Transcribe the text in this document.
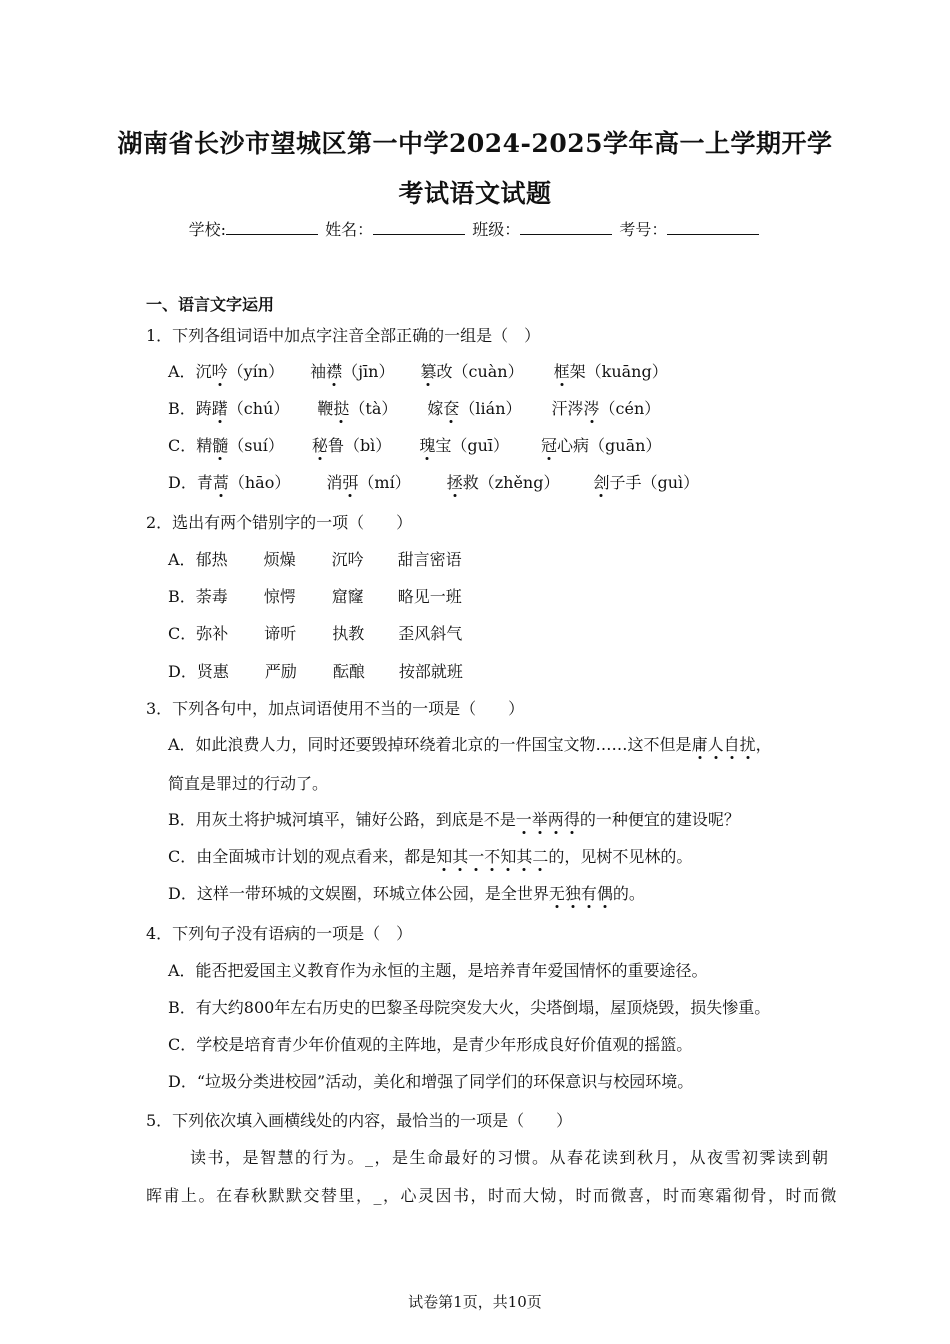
湖南省长沙市望城区第一中学2024-2025学年高一上学期开学
考试语文试题
学校:	姓名：	班级：	考号：
一、语言文字运用
1．下列各组词语中加点字注音全部正确的一组是（　）
A．沉吟（yín） 袖襟（jīn） 篡改（cuàn） 框架（kuāng）
B．踌躇（chú） 鞭挞（tà） 嫁奁（lián） 汗涔涔（cén）
C．精髓（suí） 秘鲁（bì） 瑰宝（guī） 冠心病（guān）
D．青蒿（hāo） 消弭（mí） 拯救（zhěng） 刽子手（guì）
2．选出有两个错别字的一项（　　）
A．郁热 烦燥 沉吟 甜言密语
B．荼毒 惊愕 窟窿 略见一班
C．弥补 谛听 执教 歪风斜气
D．贤惠 严励 酝酿 按部就班
3．下列各句中，加点词语使用不当的一项是（　　）
A．如此浪费人力，同时还要毁掉环绕着北京的一件国宝文物……这不但是庸人自扰，
简直是罪过的行动了。
B．用灰土将护城河填平，铺好公路，到底是不是一举两得的一种便宜的建设呢？
C．由全面城市计划的观点看来，都是知其一不知其二的，见树不见林的。
D．这样一带环城的文娱圈，环城立体公园，是全世界无独有偶的。
4．下列句子没有语病的一项是（　）
A．能否把爱国主义教育作为永恒的主题，是培养青年爱国情怀的重要途径。
B．有大约800年左右历史的巴黎圣母院突发大火，尖塔倒塌，屋顶烧毁，损失惨重。
C．学校是培育青少年价值观的主阵地，是青少年形成良好价值观的摇篮。
D．“垃圾分类进校园”活动，美化和增强了同学们的环保意识与校园环境。
5．下列依次填入画横线处的内容，最恰当的一项是（　　）
读书，是智慧的行为。_，是生命最好的习惯。从春花读到秋月，从夜雪初霁读到朝
晖甫上。在春秋默默交替里，_，心灵因书，时而大恸，时而微喜，时而寒霜彻骨，时而微
试卷第1页，共10页
